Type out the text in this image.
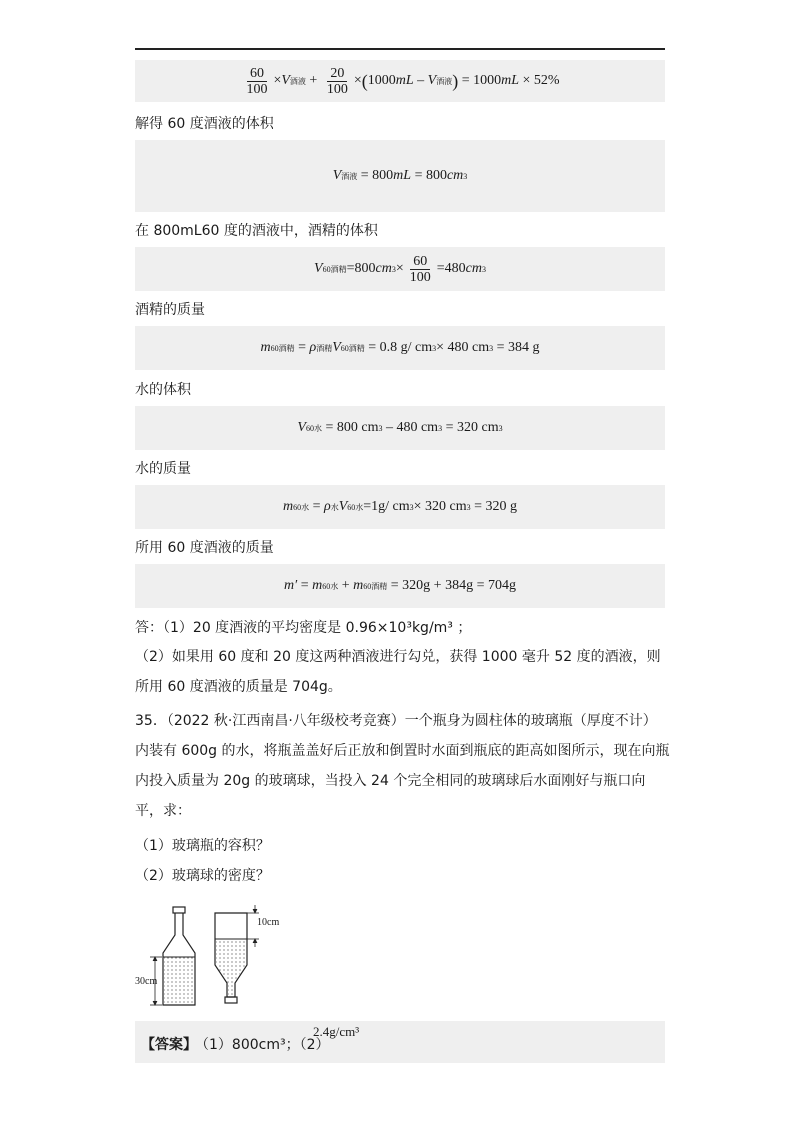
$\frac{60}{100} \times V$ 酒液 + $\frac{20}{100}$ × ( 1000 mL – V 酒液 )
= 1000 mL
× 52%
解得 60 度酒液的体积
V 酒液
= 800 mL
= 800 cm 3
在 800mL60 度的酒液中，酒精的体积
V 60酒精 =800 cm $3 \times \frac{60}{100} =480$ cm 3
酒精的质量
m 60酒精 = ρ 酒精 V 60酒精
= 0.8 g/ cm 3 × 480 cm 3
= 384 g
水的体积
V 60水
= 800 cm 3
– 480 cm 3
= 320 cm 3
水的质量
m 60水 = ρ 水 V 60水 =1g/ cm 3 × 320 cm 3
= 320 g
所用 60 度酒液的质量
m′ = m 60水
+
m 60酒精
= 320g + 384g = 704g
答：（1）20 度酒液的平均密度是 0.96×10³kg/m³ ；
（2）如果用 60 度和 20 度这两种酒液进行勾兑，获得 1000 毫升 52 度的酒液，则所用 60 度酒液的质量是 704g。
35．（2022 秋·江西南昌·八年级校考竞赛）一个瓶身为圆柱体的玻璃瓶（厚度不计）内装有 600g 的水，将瓶盖盖好后正放和倒置时水面到瓶底的距高如图所示，现在向瓶内投入质量为 20g 的玻璃球，当投入 24 个完全相同的玻璃球后水面刚好与瓶口向平，求：
（1）玻璃瓶的容积？
（2）玻璃球的密度？
30cm
10cm
【答案】
（1）800cm³；（2）
2.4g/cm³
